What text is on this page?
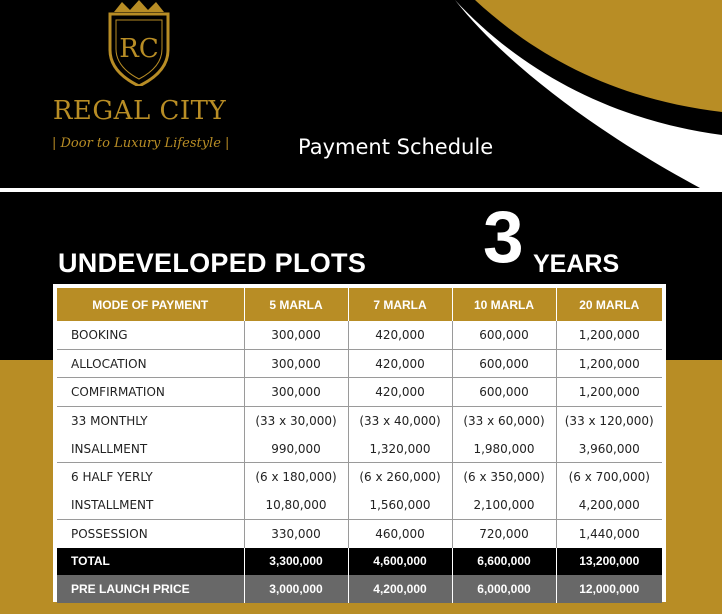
RC
REGAL CITY
| Door to Luxury Lifestyle |	Payment Schedule
UNDEVELOPED PLOTS 3 YEARS
MODE OF PAYMENT	5 MARLA	7 MARLA	10 MARLA	20 MARLA
BOOKING	300,000	420,000	600,000	1,200,000
ALLOCATION	300,000	420,000	600,000	1,200,000
COMFIRMATION	300,000	420,000	600,000	1,200,000
33 MONTHLY	(33 x 30,000)	(33 x 40,000)	(33 x 60,000)	(33 x 120,000)
INSALLMENT	990,000	1,320,000	1,980,000	3,960,000
6 HALF YERLY	(6 x 180,000)	(6 x 260,000)	(6 x 350,000)	(6 x 700,000)
INSTALLMENT	10,80,000	1,560,000	2,100,000	4,200,000
POSSESSION	330,000	460,000	720,000	1,440,000
TOTAL	3,300,000	4,600,000	6,600,000	13,200,000
PRE LAUNCH PRICE	3,000,000	4,200,000	6,000,000	12,000,000
